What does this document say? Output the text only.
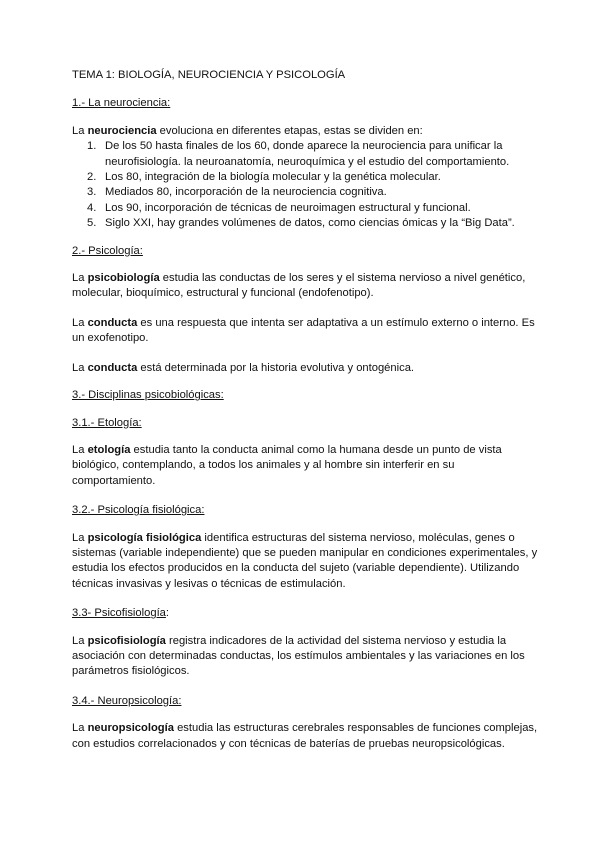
TEMA 1: BIOLOGÍA, NEUROCIENCIA Y PSICOLOGÍA

1.- La neurociencia:

La neurociencia evoluciona en diferentes etapas, estas se dividen en:

1. De los 50 hasta finales de los 60, donde aparece la neurociencia para unificar la neurofisiología. la neuroanatomía, neuroquímica y el estudio del comportamiento.
2. Los 80, integración de la biología molecular y la genética molecular.
3. Mediados 80, incorporación de la neurociencia cognitiva.
4. Los 90, incorporación de técnicas de neuroimagen estructural y funcional.
5. Siglo XXI, hay grandes volúmenes de datos, como ciencias ómicas y la “Big Data”.

2.- Psicología:

La psicobiología estudia las conductas de los seres y el sistema nervioso a nivel genético, molecular, bioquímico, estructural y funcional (endofenotipo).

La conducta es una respuesta que intenta ser adaptativa a un estímulo externo o interno. Es un exofenotipo.

La conducta está determinada por la historia evolutiva y ontogénica.

3.- Disciplinas psicobiológicas:

3.1.- Etología:

La etología estudia tanto la conducta animal como la humana desde un punto de vista biológico, contemplando, a todos los animales y al hombre sin interferir en su comportamiento.

3.2.- Psicología fisiológica:

La psicología fisiológica identifica estructuras del sistema nervioso, moléculas, genes o sistemas (variable independiente) que se pueden manipular en condiciones experimentales, y estudia los efectos producidos en la conducta del sujeto (variable dependiente). Utilizando técnicas invasivas y lesivas o técnicas de estimulación.

3.3- Psicofisiología:

La psicofisiología registra indicadores de la actividad del sistema nervioso y estudia la asociación con determinadas conductas, los estímulos ambientales y las variaciones en los parámetros fisiológicos.

3.4.- Neuropsicología:

La neuropsicología estudia las estructuras cerebrales responsables de funciones complejas, con estudios correlacionados y con técnicas de baterías de pruebas neuropsicológicas.
